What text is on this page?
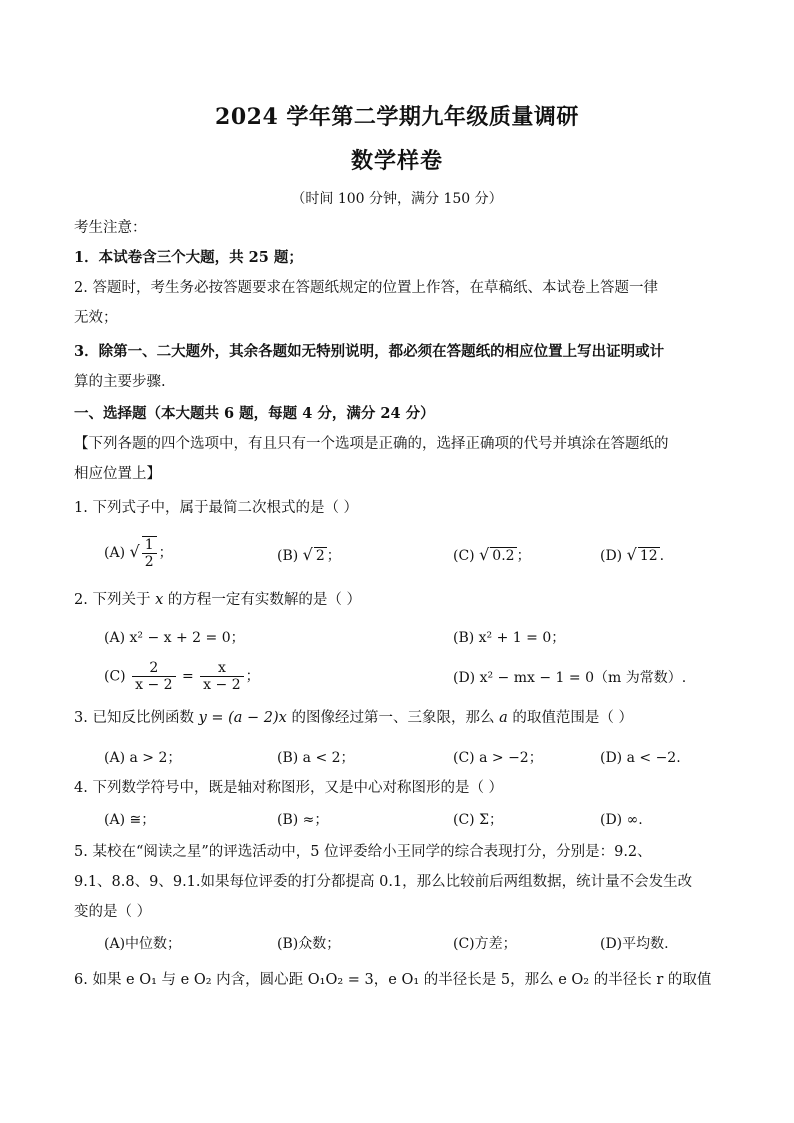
2024 学年第二学期九年级质量调研
数学样卷
（时间 100 分钟，满分 150 分）
考生注意：
1．本试卷含三个大题，共 25 题；
2. 答题时，考生务必按答题要求在答题纸规定的位置上作答，在草稿纸、本试卷上答题一律
无效；
3．除第一、二大题外，其余各题如无特别说明，都必须在答题纸的相应位置上写出证明或计
算的主要步骤.
一、选择题（本大题共 6 题，每题 4 分，满分 24 分）
【下列各题的四个选项中，有且只有一个选项是正确的，选择正确项的代号并填涂在答题纸的
相应位置上】
1. 下列式子中，属于最简二次根式的是（ ）
(A) √ $\frac{1}{2}$ ；	(B) √ 2 ；	(C) √ 0.2 ；	(D) √ 12 .
2. 下列关于 x 的方程一定有实数解的是（ ）
(A) x² − x + 2 = 0；	(B) x² + 1 = 0；
$(C) \frac{2}{x - 2} = \frac{x}{x - 2}$ ；	(D) x² − mx − 1 = 0（m 为常数）.
3. 已知反比例函数 y = (a − 2)x 的图像经过第一、三象限，那么 a 的取值范围是（ ）
(A) a > 2；	(B) a < 2；	(C) a > −2；	(D) a < −2.
4. 下列数学符号中，既是轴对称图形，又是中心对称图形的是（ ）
(A) ≅；	(B) ≈；	(C) Σ；	(D) ∞.
5. 某校在“阅读之星”的评选活动中，5 位评委给小王同学的综合表现打分，分别是：9.2、
9.1、8.8、9、9.1.如果每位评委的打分都提高 0.1，那么比较前后两组数据，统计量不会发生改
变的是（ ）
(A)中位数；	(B)众数；	(C)方差；	(D)平均数.
6. 如果 e O₁ 与 e O₂ 内含，圆心距 O₁O₂ = 3，e O₁ 的半径长是 5，那么 e O₂ 的半径长 r 的取值
